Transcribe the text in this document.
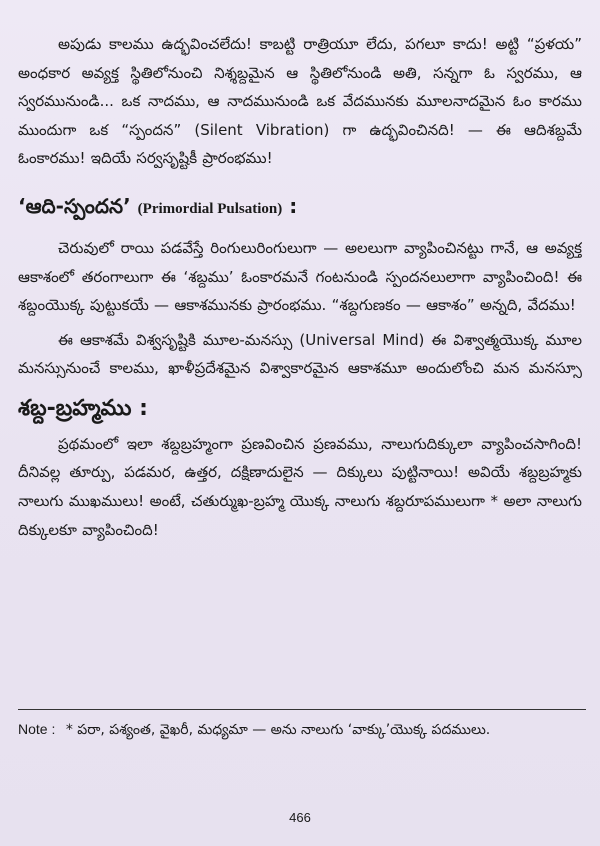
అపుడు కాలము ఉద్భవించలేదు! కాబట్టి రాత్రియూ లేదు, పగలూ కాదు! అట్టి “ప్రళయ” అంధకార అవ్యక్త స్థితిలోనుంచి నిశ్శబ్దమైన ఆ స్థితిలోనుండి అతి, సన్నగా ఓ స్వరము, ఆ స్వరమునుండి... ఒక నాదము, ఆ నాదమునుండి ఒక వేదమునకు మూలనాదమైన ఓం కారము ముందుగా ఒక “స్పందన” (Silent Vibration) గా ఉద్భవించినది! — ఈ ఆదిశబ్దమే ఓంకారము! ఇదియే సర్వసృష్టికీ ప్రారంభము!

‘ఆది-స్పందన’ (Primordial Pulsation) :

చెరువులో రాయి పడవేస్తే రింగులురింగులుగా — అలలుగా వ్యాపించినట్టు గానే, ఆ అవ్యక్త ఆకాశంలో తరంగాలుగా ఈ ‘శబ్దము’ ఓంకారమనే గంటనుండి స్పందనలులాగా వ్యాపించింది! ఈ శబ్దంయొక్క పుట్టుకయే — ఆకాశమునకు ప్రారంభము. “శబ్దగుణకం — ఆకాశం” అన్నది, వేదము!

ఈ ఆకాశమే విశ్వసృష్టికి మూల-మనస్సు (Universal Mind) ఈ విశ్వాత్మయొక్క మూల మనస్సునుంచే కాలము, ఖాళీప్రదేశమైన విశ్వాకారమైన ఆకాశమూ అందులోంచి మన మనస్సూ

శబ్ద-బ్రహ్మము :

ప్రథమంలో ఇలా శబ్దబ్రహ్మంగా ప్రణవించిన ప్రణవము, నాలుగుదిక్కులా వ్యాపించసాగింది! దీనివల్ల తూర్పు, పడమర, ఉత్తర, దక్షిణాదులైన — దిక్కులు పుట్టినాయి! అవియే శబ్దబ్రహ్మకు నాలుగు ముఖములు! అంటే, చతుర్ముఖ-బ్రహ్మ యొక్క నాలుగు శబ్దరూపములుగా * అలా నాలుగు దిక్కులకూ వ్యాపించింది!

Note : * పరా, పశ్యంత, వైఖరీ, మధ్యమా — అను నాలుగు ‘వాక్కు’యొక్క పదములు.
466
